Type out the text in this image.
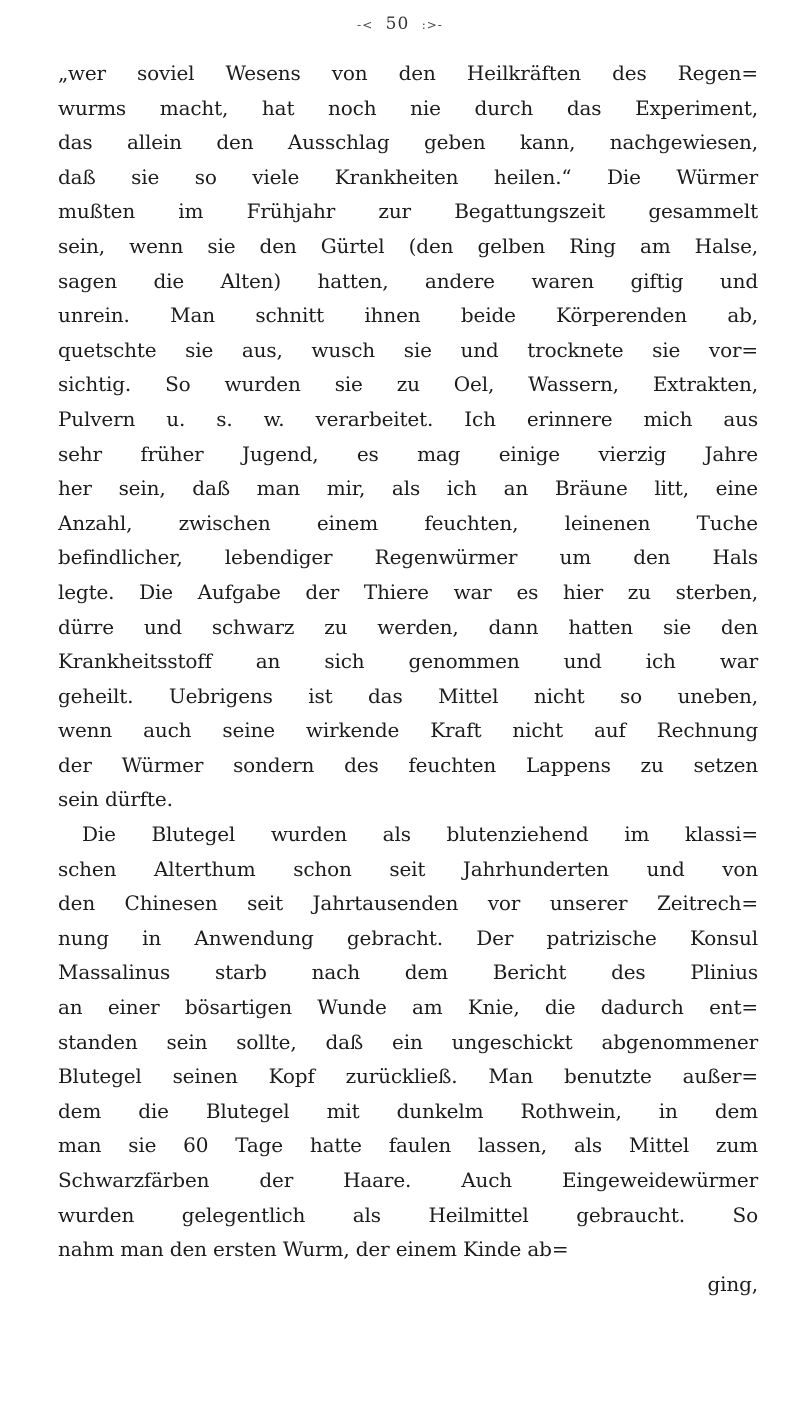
-< 50 :>-
„wer soviel Wesens von den Heilkräften des Regen=
wurms macht, hat noch nie durch das Experiment,
das allein den Ausschlag geben kann, nachgewiesen,
daß sie so viele Krankheiten heilen.“ Die Würmer
mußten im Frühjahr zur Begattungszeit gesammelt
sein, wenn sie den Gürtel (den gelben Ring am Halse,
sagen die Alten) hatten, andere waren giftig und
unrein. Man schnitt ihnen beide Körperenden ab,
quetschte sie aus, wusch sie und trocknete sie vor=
sichtig. So wurden sie zu Oel, Wassern, Extrakten,
Pulvern u. s. w. verarbeitet. Ich erinnere mich aus
sehr früher Jugend, es mag einige vierzig Jahre
her sein, daß man mir, als ich an Bräune litt, eine
Anzahl, zwischen einem feuchten, leinenen Tuche
befindlicher, lebendiger Regenwürmer um den Hals
legte. Die Aufgabe der Thiere war es hier zu sterben,
dürre und schwarz zu werden, dann hatten sie den
Krankheitsstoff an sich genommen und ich war
geheilt. Uebrigens ist das Mittel nicht so uneben,
wenn auch seine wirkende Kraft nicht auf Rechnung
der Würmer sondern des feuchten Lappens zu setzen
sein dürfte.
Die Blutegel wurden als blutenziehend im klassi=
schen Alterthum schon seit Jahrhunderten und von
den Chinesen seit Jahrtausenden vor unserer Zeitrech=
nung in Anwendung gebracht. Der patrizische Konsul
Massalinus starb nach dem Bericht des Plinius
an einer bösartigen Wunde am Knie, die dadurch ent=
standen sein sollte, daß ein ungeschickt abgenommener
Blutegel seinen Kopf zurückließ. Man benutzte außer=
dem die Blutegel mit dunkelm Rothwein, in dem
man sie 60 Tage hatte faulen lassen, als Mittel zum
Schwarzfärben der Haare. Auch Eingeweidewürmer
wurden gelegentlich als Heilmittel gebraucht. So
nahm man den ersten Wurm, der einem Kinde ab=
ging,
